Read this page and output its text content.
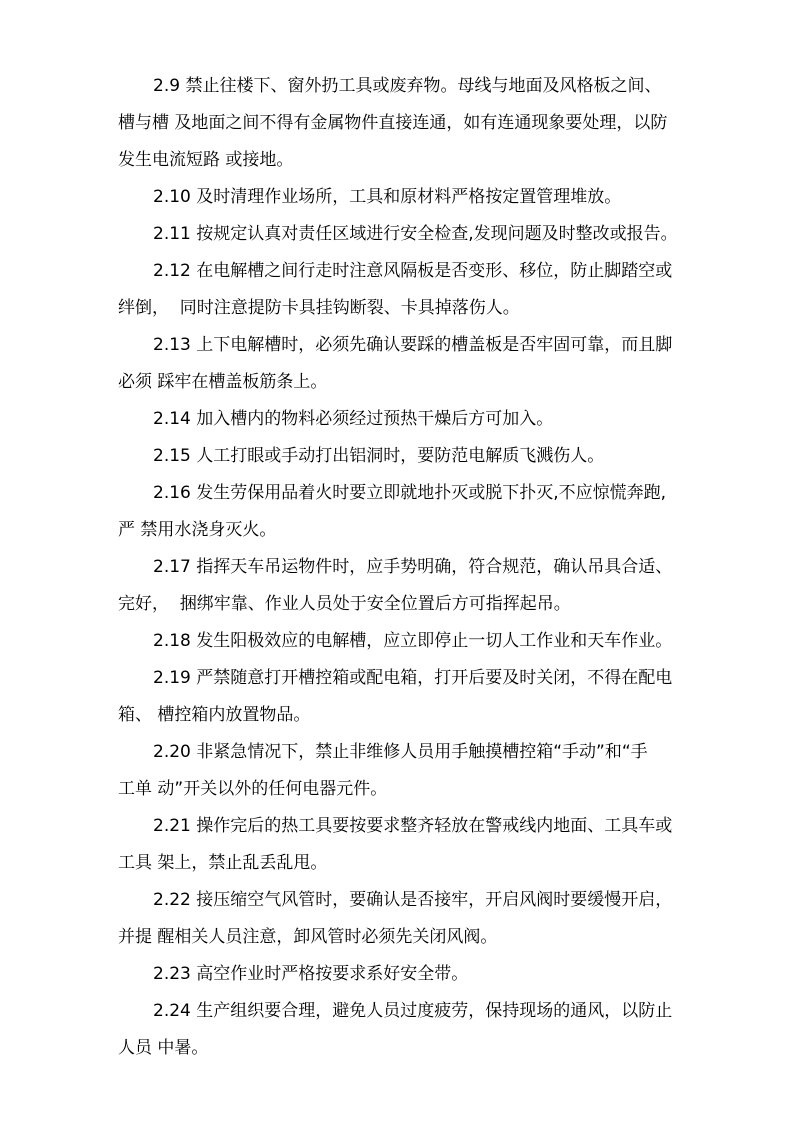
2.9 禁止往楼下、窗外扔工具或废弃物。母线与地面及风格板之间、
槽与槽 及地面之间不得有金属物件直接连通，如有连通现象要处理，以防
发生电流短路 或接地。
2.10 及时清理作业场所，工具和原材料严格按定置管理堆放。
2.11 按规定认真对责任区域进行安全检查,发现问题及时整改或报告。
2.12 在电解槽之间行走时注意风隔板是否变形、移位，防止脚踏空或
绊倒，  同时注意提防卡具挂钩断裂、卡具掉落伤人。
2.13 上下电解槽时，必须先确认要踩的槽盖板是否牢固可靠，而且脚
必须 踩牢在槽盖板筋条上。
2.14 加入槽内的物料必须经过预热干燥后方可加入。
2.15 人工打眼或手动打出铝洞时，要防范电解质飞溅伤人。
2.16 发生劳保用品着火时要立即就地扑灭或脱下扑灭,不应惊慌奔跑,
严 禁用水浇身灭火。
2.17 指挥天车吊运物件时，应手势明确，符合规范，确认吊具合适、
完好，  捆绑牢靠、作业人员处于安全位置后方可指挥起吊。
2.18 发生阳极效应的电解槽，应立即停止一切人工作业和天车作业。
2.19 严禁随意打开槽控箱或配电箱，打开后要及时关闭，不得在配电
箱、 槽控箱内放置物品。
2.20 非紧急情况下，禁止非维修人员用手触摸槽控箱“手动”和“手
工单 动”开关以外的任何电器元件。
2.21 操作完后的热工具要按要求整齐轻放在警戒线内地面、工具车或
工具 架上，禁止乱丢乱甩。
2.22 接压缩空气风管时，要确认是否接牢，开启风阀时要缓慢开启，
并提 醒相关人员注意，卸风管时必须先关闭风阀。
2.23 高空作业时严格按要求系好安全带。
2.24 生产组织要合理，避免人员过度疲劳，保持现场的通风，以防止
人员 中暑。
